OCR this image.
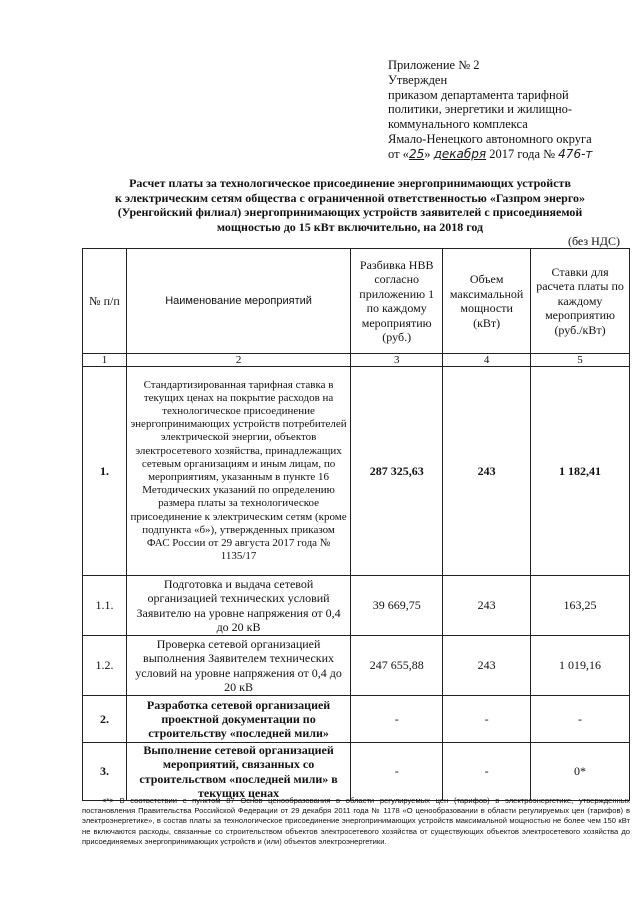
Приложение № 2
Утвержден
приказом департамента тарифной
политики, энергетики и жилищно-
коммунального комплекса
Ямало-Ненецкого автономного округа
от «25» декабря 2017 года № 476-т
Расчет платы за технологическое присоединение энергопринимающих устройств
к электрическим сетям общества с ограниченной ответственностью «Газпром энерго»
(Уренгойский филиал) энергопринимающих устройств заявителей с присоединяемой
мощностью до 15 кВт включительно, на 2018 год
(без НДС)
№ п/п	Наименование мероприятий	Разбивка НВВ согласно приложению 1 по каждому мероприятию (руб.)	Объем максимальной мощности (кВт)	Ставки для расчета платы по каждому мероприятию (руб./кВт)
1	2	3	4	5
1.	Стандартизированная тарифная ставка в текущих ценах на покрытие расходов на технологическое присоединение энергопринимающих устройств потребителей электрической энергии, объектов электросетевого хозяйства, принадлежащих сетевым организациям и иным лицам, по мероприятиям, указанным в пункте 16 Методических указаний по определению размера платы за технологическое присоединение к электрическим сетям (кроме подпункта «б»), утвержденных приказом ФАС России от 29 августа 2017 года № 1135/17	287 325,63	243	1 182,41
1.1.	Подготовка и выдача сетевой организацией технических условий Заявителю на уровне напряжения от 0,4 до 20 кВ	39 669,75	243	163,25
1.2.	Проверка сетевой организацией выполнения Заявителем технических условий на уровне напряжения от 0,4 до 20 кВ	247 655,88	243	1 019,16
2.	Разработка сетевой организацией проектной документации по строительству «последней мили»	-	-	-
3.	Выполнение сетевой организацией мероприятий, связанных со строительством «последней мили» в текущих ценах	-	-	0*
<*> В соответствии с пунктом 87 Основ ценообразования в области регулируемых цен (тарифов) в электроэнергетике, утвержденных постановления Правительства Российской Федерации от 29 декабря 2011 года № 1178 «О ценообразовании в области регулируемых цен (тарифов) в электроэнергетике», в состав платы за технологическое присоединение энергопринимающих устройств максимальной мощностью не более чем 150 кВт не включаются расходы, связанные со строительством объектов электросетевого хозяйства от существующих объектов электросетевого хозяйства до присоединяемых энергопринимающих устройств и (или) объектов электроэнергетики.
